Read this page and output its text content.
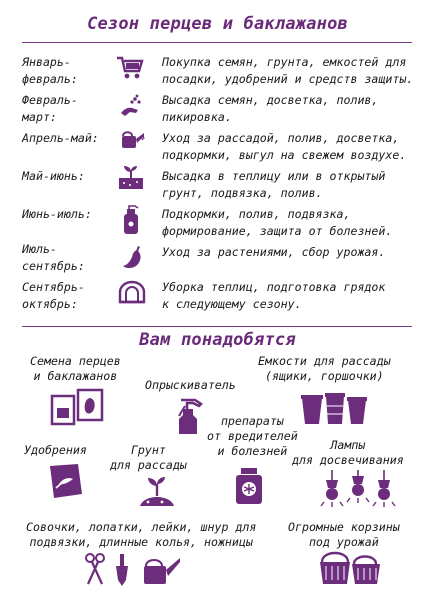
Сезон перцев и баклажанов
Январь-
февраль:
Покупка семян, грунта, емкостей для
посадки, удобрений и средств защиты.
Февраль-
март:
Высадка семян, досветка, полив,
пикировка.
Апрель-май:	Уход за рассадой, полив, досветка,
подкормки, выгул на свежем воздухе.
Май-июнь:	Высадка в теплицу или в открытый
грунт, подвязка, полив.
Июнь-июль:	Подкормки, полив, подвязка,
формирование, защита от болезней.
Июль-
сентябрь:
Уход за растениями, сбор урожая.
Сентябрь-
октябрь:
Уборка теплиц, подготовка грядок
к следующему сезону.
Вам понадобятся
Семена перцев
и баклажанов
Опрыскиватель
Емкости для рассады
(ящики, горшочки)
препараты
от вредителей
и болезней
Удобрения	Грунт
для рассады
Лампы
для досвечивания
Совочки, лопатки, лейки, шнур для
подвязки, длинные колья, ножницы
Огромные корзины
под урожай
